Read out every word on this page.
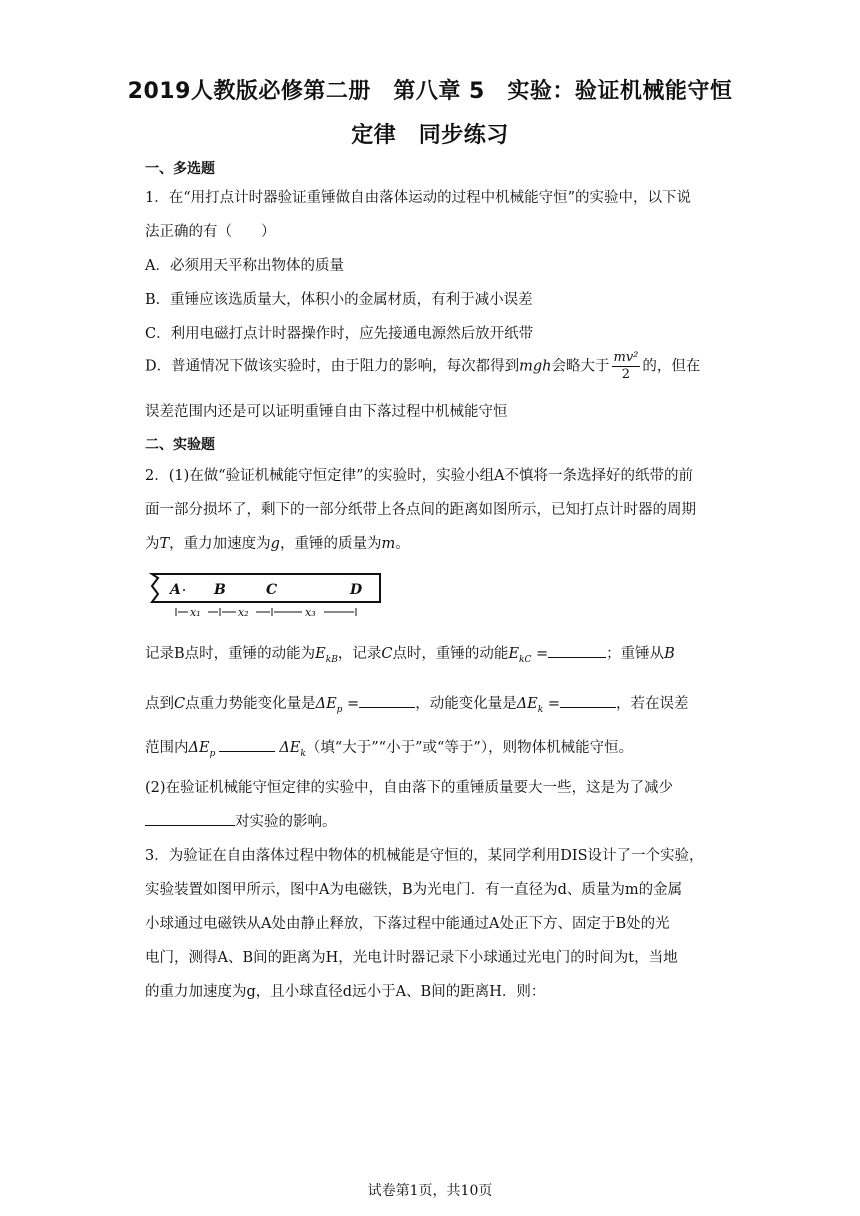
2019人教版必修第二册　第八章 5　实验：验证机械能守恒
定律　同步练习
一、多选题
1．在“用打点计时器验证重锤做自由落体运动的过程中机械能守恒”的实验中，以下说
法正确的有（　　）
A．必须用天平称出物体的质量
B．重锤应该选质量大，体积小的金属材质，有利于减小误差
C．利用电磁打点计时器操作时，应先接通电源然后放开纸带
D．普通情况下做该实验时，由于阻力的影响，每次都得到mgh会略大于 $\frac{\text{mv²}}{2}$ 的，但在
误差范围内还是可以证明重锤自由下落过程中机械能守恒
二、实验题
2．(1)在做“验证机械能守恒定律”的实验时，实验小组A不慎将一条选择好的纸带的前
面一部分损坏了，剩下的一部分纸带上各点间的距离如图所示，已知打点计时器的周期
为T，重力加速度为g，重锤的质量为m。
A B	C	D
x₁	x₂	x₃
记录B点时，重锤的动能为$E_{kB}$，记录C点时，重锤的动能$E_{kC}$ =	；重锤从B
点到C点重力势能变化量是$\Delta E_p$ =	，动能变化量是$\Delta E_k$ =	，若在误差
范围内$\Delta E_p$	$\Delta E_k$（填“大于”“小于”或“等于”），则物体机械能守恒。
(2)在验证机械能守恒定律的实验中，自由落下的重锤质量要大一些，这是为了减少
对实验的影响。
3．为验证在自由落体过程中物体的机械能是守恒的，某同学利用DIS设计了一个实验，
实验装置如图甲所示，图中A为电磁铁，B为光电门．有一直径为d、质量为m的金属
小球通过电磁铁从A处由静止释放，下落过程中能通过A处正下方、固定于B处的光
电门，测得A、B间的距离为H，光电计时器记录下小球通过光电门的时间为t，当地
的重力加速度为g，且小球直径d远小于A、B间的距离H．则：
试卷第1页，共10页
